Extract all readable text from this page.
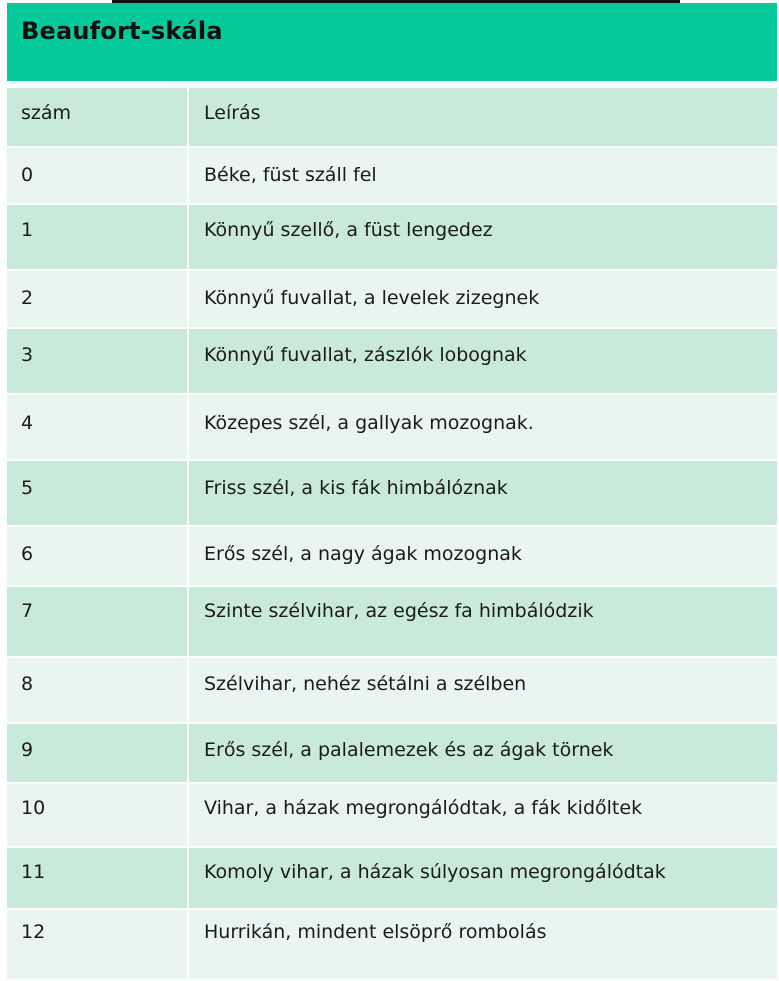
Beaufort-skála
szám	Leírás
0	Béke, füst száll fel
1	Könnyű szellő, a füst lengedez
2	Könnyű fuvallat, a levelek zizegnek
3	Könnyű fuvallat, zászlók lobognak
4	Közepes szél, a gallyak mozognak.
5	Friss szél, a kis fák himbálóznak
6	Erős szél, a nagy ágak mozognak
7	Szinte szélvihar, az egész fa himbálódzik
8	Szélvihar, nehéz sétálni a szélben
9	Erős szél, a palalemezek és az ágak törnek
10	Vihar, a házak megrongálódtak, a fák kidőltek
11	Komoly vihar, a házak súlyosan megrongálódtak
12	Hurrikán, mindent elsöprő rombolás
